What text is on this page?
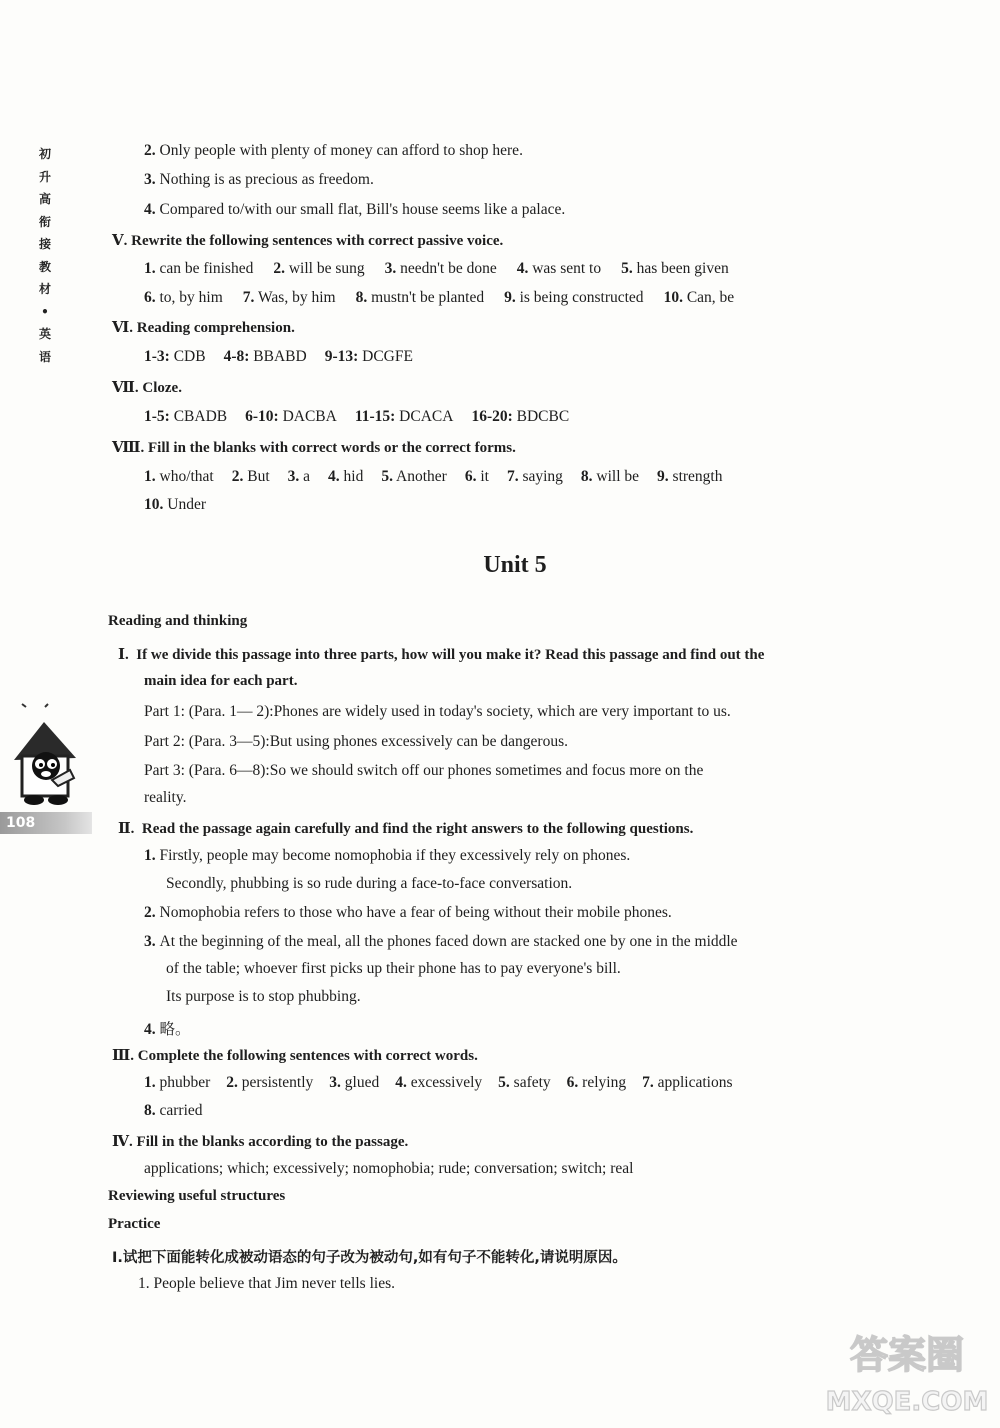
初
升
高
衔
接
教
材
•
英
语
108
2. Only people with plenty of money can afford to shop here.
3. Nothing is as precious as freedom.
4. Compared to/with our small flat, Bill's house seems like a palace.
Ⅴ. Rewrite the following sentences with correct passive voice.
1. can be finished 2. will be sung 3. needn't be done 4. was sent to 5. has been given
6. to, by him 7. Was, by him 8. mustn't be planted 9. is being constructed 10. Can, be
Ⅵ. Reading comprehension.
1-3: CDB 4-8: BBABD 9-13: DCGFE
Ⅶ. Cloze.
1-5: CBADB 6-10: DACBA 11-15: DCACA 16-20: BDCBC
Ⅷ. Fill in the blanks with correct words or the correct forms.
1. who/that 2. But 3. a 4. hid 5. Another 6. it 7. saying 8. will be 9. strength
10. Under
Unit 5
Reading and thinking
Ⅰ. If we divide this passage into three parts, how will you make it? Read this passage and find out the
main idea for each part.
Part 1: (Para. 1— 2):Phones are widely used in today's society, which are very important to us.
Part 2: (Para. 3—5):But using phones excessively can be dangerous.
Part 3: (Para. 6—8):So we should switch off our phones sometimes and focus more on the
reality.
Ⅱ. Read the passage again carefully and find the right answers to the following questions.
1. Firstly, people may become nomophobia if they excessively rely on phones.
Secondly, phubbing is so rude during a face-to-face conversation.
2. Nomophobia refers to those who have a fear of being without their mobile phones.
3. At the beginning of the meal, all the phones faced down are stacked one by one in the middle
of the table; whoever first picks up their phone has to pay everyone's bill.
Its purpose is to stop phubbing.
4. 略。
Ⅲ. Complete the following sentences with correct words.
1. phubber 2. persistently 3. glued 4. excessively 5. safety 6. relying 7. applications
8. carried
Ⅳ. Fill in the blanks according to the passage.
applications; which; excessively; nomophobia; rude; conversation; switch; real
Reviewing useful structures
Practice
Ⅰ.试把下面能转化成被动语态的句子改为被动句,如有句子不能转化,请说明原因。
1. People believe that Jim never tells lies.
答案圈
MXQE.COM
